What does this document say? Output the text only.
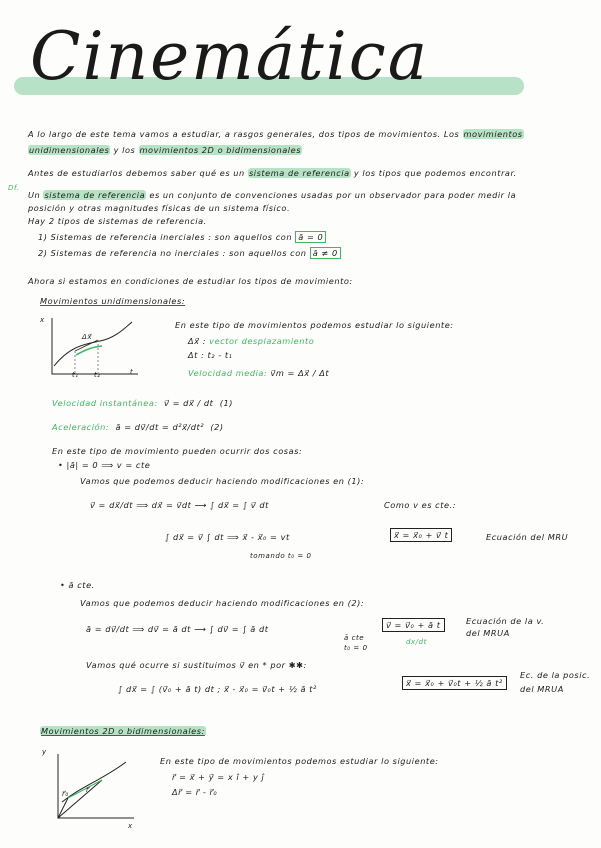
Cinemática
A lo largo de este tema vamos a estudiar, a rasgos generales, dos tipos de movimientos. Los movimientos
unidimensionales y los movimientos 2D o bidimensionales
Antes de estudiarlos debemos saber qué es un sistema de referencia y los tipos que podemos encontrar.
Df.
Un sistema de referencia es un conjunto de convenciones usadas por un observador para poder medir la
posición y otras magnitudes físicas de un sistema físico.
Hay 2 tipos de sistemas de referencia.
1) Sistemas de referencia inerciales : son aquellos con ā = 0
2) Sistemas de referencia no inerciales : son aquellos con ā ≠ 0
Ahora si estamos en condiciones de estudiar los tipos de movimiento:
Movimientos unidimensionales:
x
t
t₁ t₂
Δx⃗
En este tipo de movimientos podemos estudiar lo siguiente:
Δx⃗ : vector desplazamiento
Δt : t₂ - t₁
Velocidad media: v⃗m = Δx⃗ / Δt
Velocidad instantánea: v⃗ = dx⃗ / dt (1)
Aceleración: ā = dv⃗/dt = d²x⃗/dt² (2)
En este tipo de movimiento pueden ocurrir dos cosas:
• |ā| = 0 ⟹ v = cte
Vamos que podemos deducir haciendo modificaciones en (1):
v⃗ = dx⃗/dt ⟹ dx⃗ = v⃗dt ⟶ ∫ dx⃗ = ∫ v⃗ dt	Como v es cte.:
∫ dx⃗ = v⃗ ∫ dt ⟹ x⃗ - x⃗₀ = vt
tomando t₀ = 0
x⃗ = x⃗₀ + v⃗ t	Ecuación del MRU
• ā cte.
Vamos que podemos deducir haciendo modificaciones en (2):
ā = dv⃗/dt ⟹ dv⃗ = ā dt ⟶ ∫ dv⃗ = ∫ ā dt
ā cte
t₀ = 0
v⃗ = v⃗₀ + ā t
dx/dt
Ecuación de la v.
del MRUA
Vamos qué ocurre si sustituimos v⃗ en * por ✱✱:
∫ dx⃗ = ∫ (v⃗₀ + ā t) dt ; x⃗ - x⃗₀ = v⃗₀t + ½ ā t²
x⃗ = x⃗₀ + v⃗₀t + ½ ā t²
Ec. de la posic.
del MRUA
Movimientos 2D o bidimensionales:
y
x
r⃗₀ r⃗
En este tipo de movimientos podemos estudiar lo siguiente:
r⃗ = x⃗ + y⃗ = x î + y ĵ
Δr⃗ = r⃗ - r⃗₀
